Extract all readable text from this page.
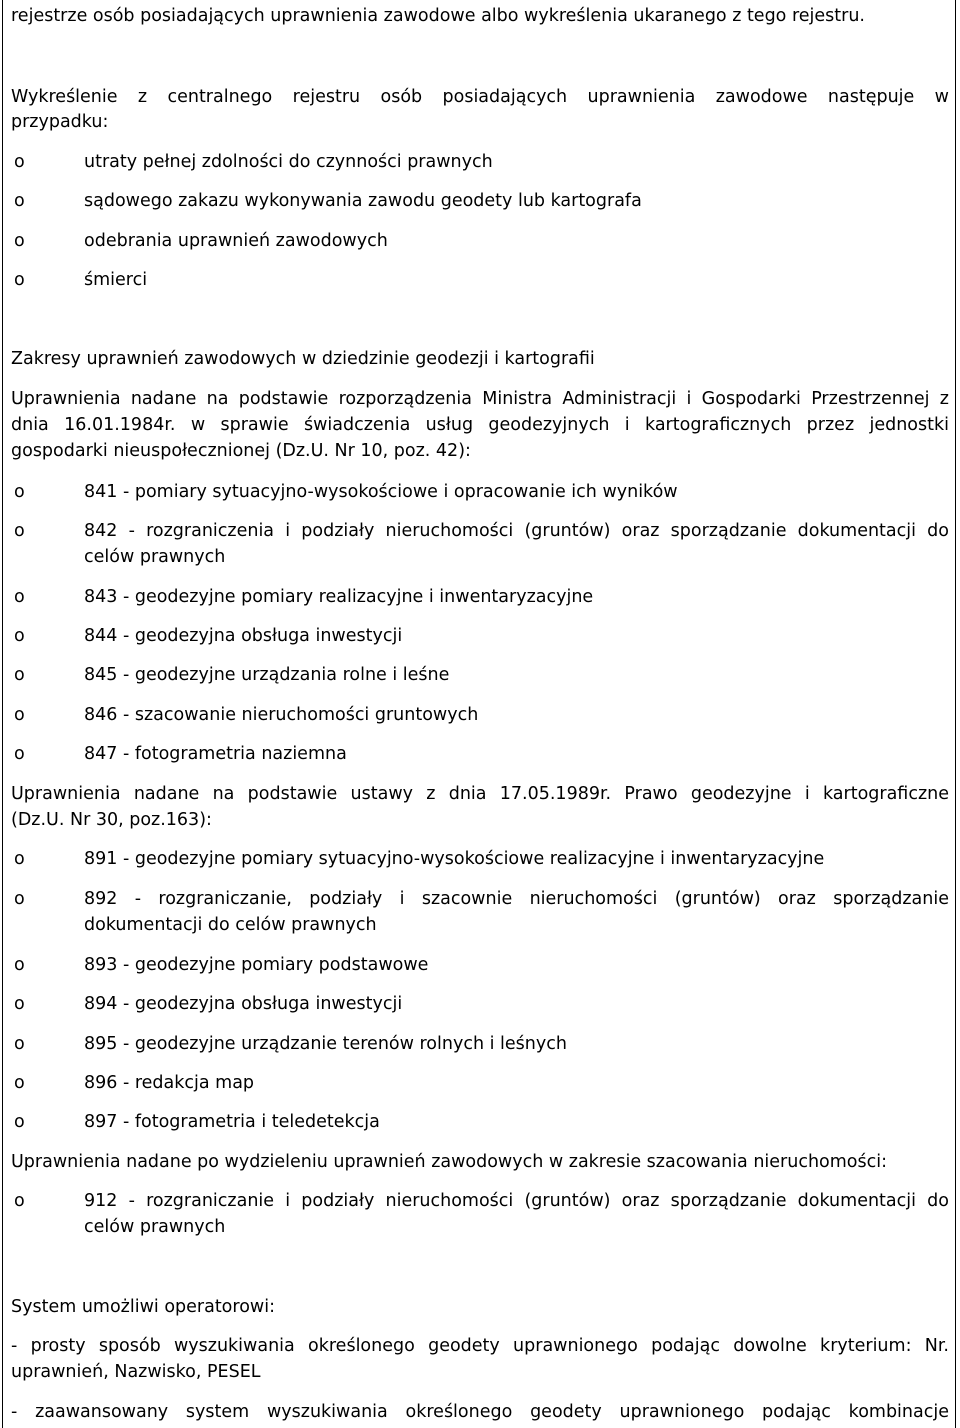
rejestrze osób posiadających uprawnienia zawodowe albo wykreślenia ukaranego z tego rejestru.

Wykreślenie z centralnego rejestru osób posiadających uprawnienia zawodowe następuje w

przypadku:

o	utraty pełnej zdolności do czynności prawnych
o	sądowego zakazu wykonywania zawodu geodety lub kartografa
o	odebrania uprawnień zawodowych
o	śmierci

Zakresy uprawnień zawodowych w dziedzinie geodezji i kartografii

Uprawnienia nadane na podstawie rozporządzenia Ministra Administracji i Gospodarki Przestrzennej z

dnia 16.01.1984r. w sprawie świadczenia usług geodezyjnych i kartograficznych przez jednostki

gospodarki nieuspołecznionej (Dz.U. Nr 10, poz. 42):

o	841 - pomiary sytuacyjno-wysokościowe i opracowanie ich wyników
o	842 - rozgraniczenia i podziały nieruchomości (gruntów) oraz sporządzanie dokumentacji do
celów prawnych
o	843 - geodezyjne pomiary realizacyjne i inwentaryzacyjne
o	844 - geodezyjna obsługa inwestycji
o	845 - geodezyjne urządzania rolne i leśne
o	846 - szacowanie nieruchomości gruntowych
o	847 - fotogrametria naziemna

Uprawnienia nadane na podstawie ustawy z dnia 17.05.1989r. Prawo geodezyjne i kartograficzne

(Dz.U. Nr 30, poz.163):

o	891 - geodezyjne pomiary sytuacyjno-wysokościowe realizacyjne i inwentaryzacyjne
o	892 - rozgraniczanie, podziały i szacownie nieruchomości (gruntów) oraz sporządzanie
dokumentacji do celów prawnych
o	893 - geodezyjne pomiary podstawowe
o	894 - geodezyjna obsługa inwestycji
o	895 - geodezyjne urządzanie terenów rolnych i leśnych
o	896 - redakcja map
o	897 - fotogrametria i teledetekcja

Uprawnienia nadane po wydzieleniu uprawnień zawodowych w zakresie szacowania nieruchomości:

o	912 - rozgraniczanie i podziały nieruchomości (gruntów) oraz sporządzanie dokumentacji do
celów prawnych

System umożliwi operatorowi:

- prosty sposób wyszukiwania określonego geodety uprawnionego podając dowolne kryterium: Nr.

uprawnień, Nazwisko, PESEL

- zaawansowany system wyszukiwania określonego geodety uprawnionego podając kombinacje
